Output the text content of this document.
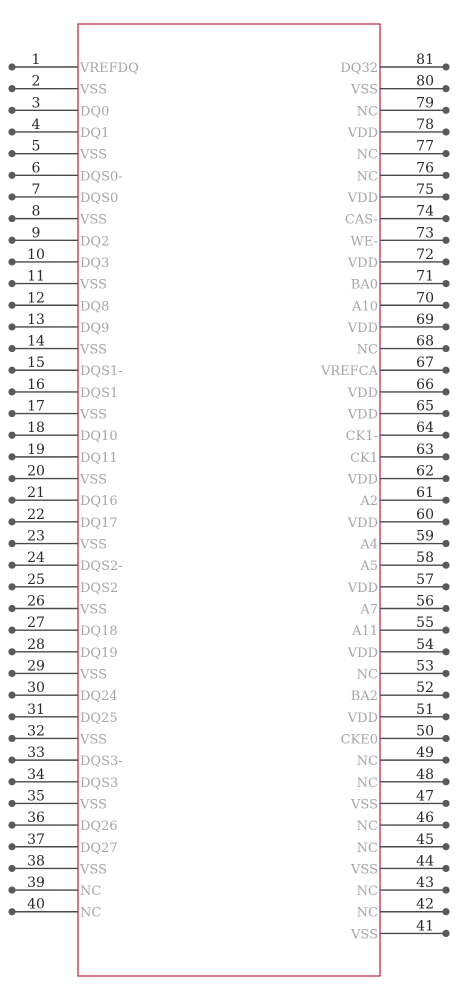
1
VREFDQ
2
VSS
3
DQ0
4
DQ1
5
VSS
6
DQS0-
7
DQS0
8
VSS
9
DQ2
10
DQ3
11
VSS
12
DQ8
13
DQ9
14
VSS
15
DQS1-
16
DQS1
17
VSS
18
DQ10
19
DQ11
20
VSS
21
DQ16
22
DQ17
23
VSS
24
DQS2-
25
DQS2
26
VSS
27
DQ18
28
DQ19
29
VSS
30
DQ24
31
DQ25
32
VSS
33
DQS3-
34
DQS3
35
VSS
36
DQ26
37
DQ27
38
VSS
39
NC
40
NC
81
DQ32
80
VSS
79
NC
78
VDD
77
NC
76
NC
75
VDD
74
CAS-
73
WE-
72
VDD
71
BA0
70
A10
69
VDD
68
NC
67
VREFCA
66
VDD
65
VDD
64
CK1-
63
CK1
62
VDD
61
A2
60
VDD
59
A4
58
A5
57
VDD
56
A7
55
A11
54
VDD
53
NC
52
BA2
51
VDD
50
CKE0
49
NC
48
NC
47
VSS
46
NC
45
NC
44
VSS
43
NC
42
NC
41
VSS
